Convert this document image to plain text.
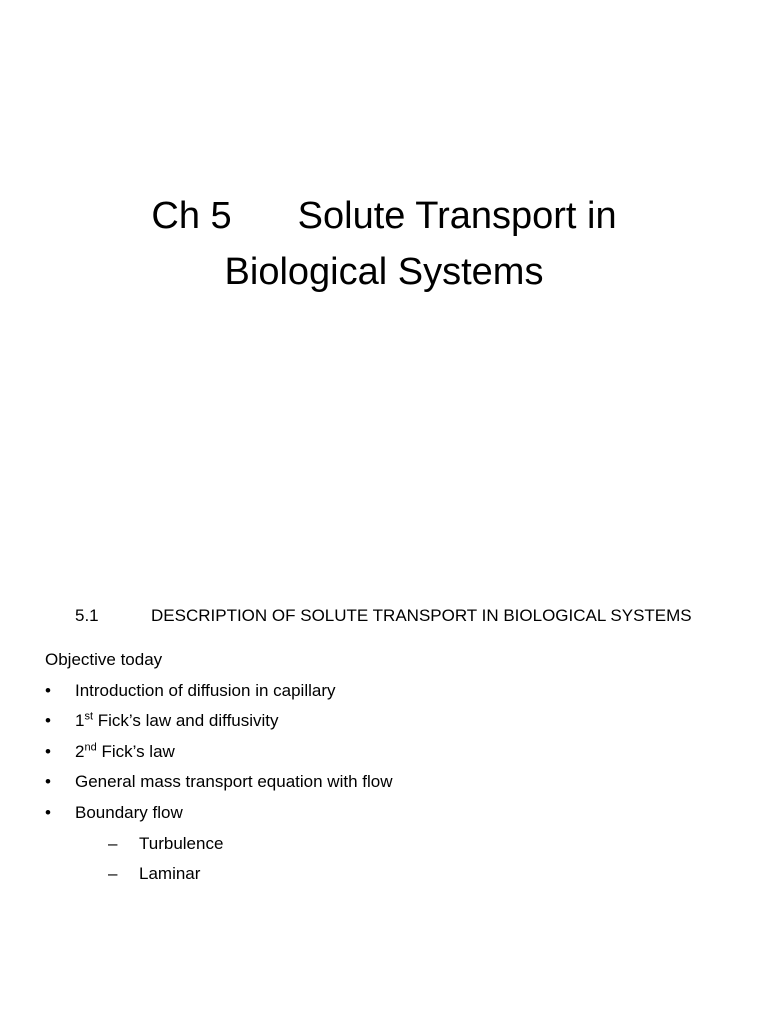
Ch 5 Solute Transport in
Biological Systems
5.1	DESCRIPTION OF SOLUTE TRANSPORT IN BIOLOGICAL SYSTEMS
Objective today
• Introduction of diffusion in capillary
• 1st Fick’s law and diffusivity
• 2nd Fick’s law
• General mass transport equation with flow
• Boundary flow
– Turbulence
– Laminar
